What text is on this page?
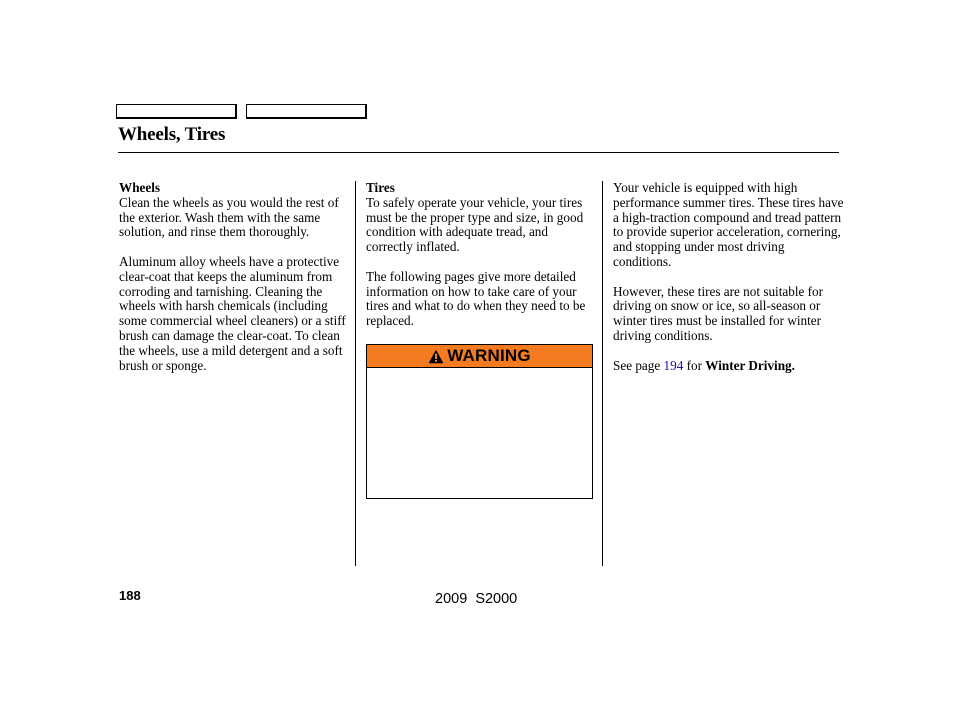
Wheels, Tires

Wheels
Clean the wheels as you would the rest of the exterior. Wash them with the same solution, and rinse them thoroughly.

Aluminum alloy wheels have a protective clear-coat that keeps the aluminum from corroding and tarnishing. Cleaning the wheels with harsh chemicals (including some commercial wheel cleaners) or a stiff brush can damage the clear-coat. To clean the wheels, use a mild detergent and a soft brush or sponge.

Tires
To safely operate your vehicle, your tires must be the proper type and size, in good condition with adequate tread, and correctly inflated.

The following pages give more detailed information on how to take care of your tires and what to do when they need to be replaced.

WARNING

Your vehicle is equipped with high performance summer tires. These tires have a high-traction compound and tread pattern to provide superior acceleration, cornering, and stopping under most driving conditions.

However, these tires are not suitable for driving on snow or ice, so all-season or winter tires must be installed for winter driving conditions.

See page 194 for Winter Driving.

188	2009  S2000
